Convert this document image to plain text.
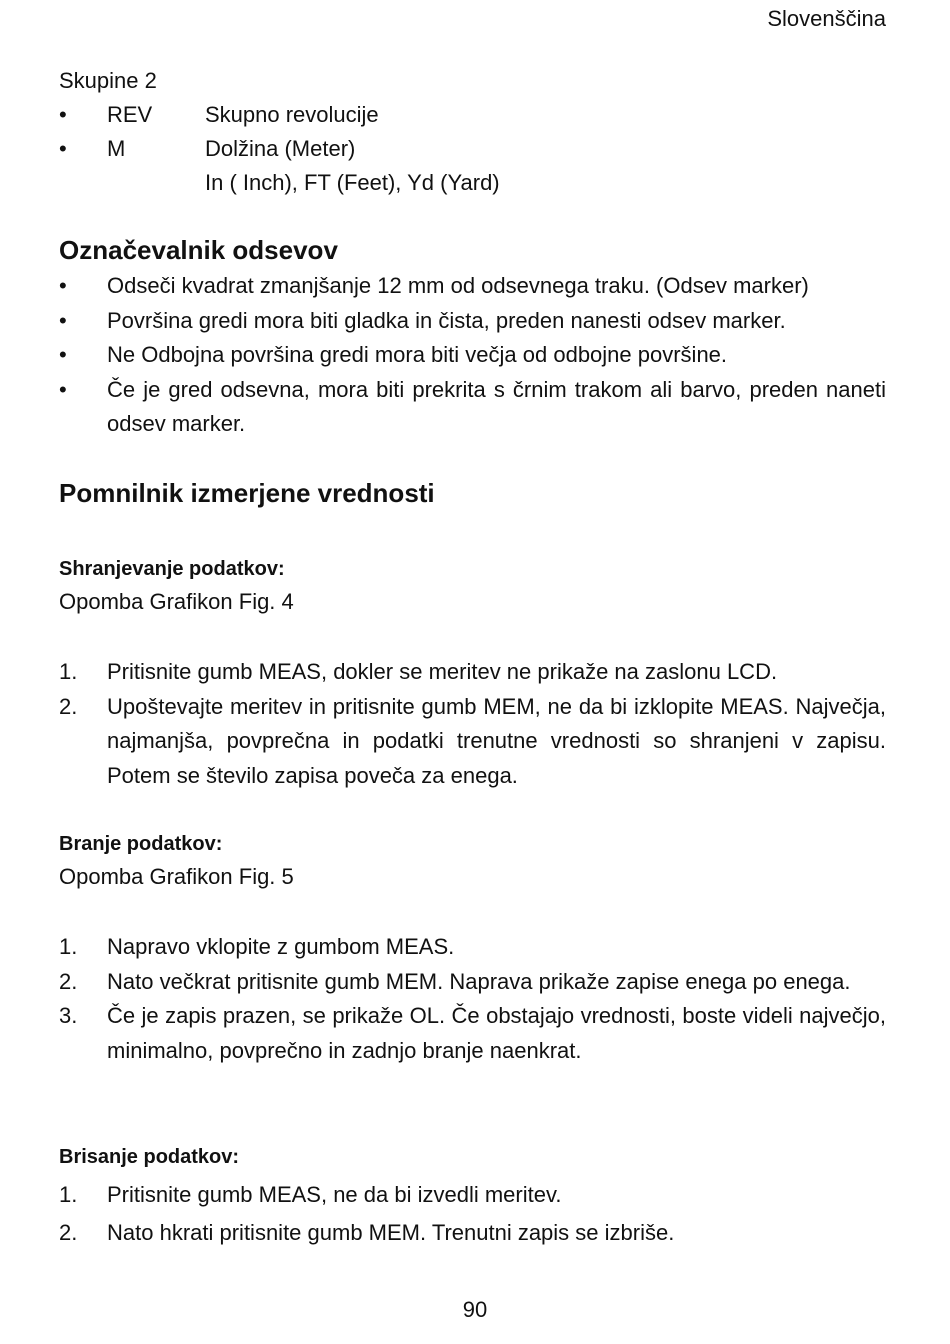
Slovenščina
Skupine 2
•	REV	Skupno revolucije
•	M	Dolžina (Meter)
In ( Inch), FT (Feet), Yd (Yard)
Označevalnik odsevov
•	Odseči kvadrat zmanjšanje 12 mm od odsevnega traku. (Odsev marker)
•	Površina gredi mora biti gladka in čista, preden nanesti odsev marker.
•	Ne Odbojna površina gredi mora biti večja od odbojne površine.
•	Če je gred odsevna, mora biti prekrita s črnim trakom ali barvo, preden naneti odsev marker.
Pomnilnik izmerjene vrednosti
Shranjevanje podatkov:
Opomba Grafikon Fig. 4
1.	Pritisnite gumb MEAS, dokler se meritev ne prikaže na zaslonu LCD.
2.	Upoštevajte meritev in pritisnite gumb MEM, ne da bi izklopite MEAS. Največja, najmanjša, povprečna in podatki trenutne vrednosti so shranjeni v zapisu. Potem se število zapisa poveča za enega.
Branje podatkov:
Opomba Grafikon Fig. 5
1.	Napravo vklopite z gumbom MEAS.
2.	Nato večkrat pritisnite gumb MEM. Naprava prikaže zapise enega po enega.
3.	Če je zapis prazen, se prikaže OL. Če obstajajo vrednosti, boste videli največjo, minimalno, povprečno in zadnjo branje naenkrat.
Brisanje podatkov:
1.	Pritisnite gumb MEAS, ne da bi izvedli meritev.
2.	Nato hkrati pritisnite gumb MEM. Trenutni zapis se izbriše.
90
